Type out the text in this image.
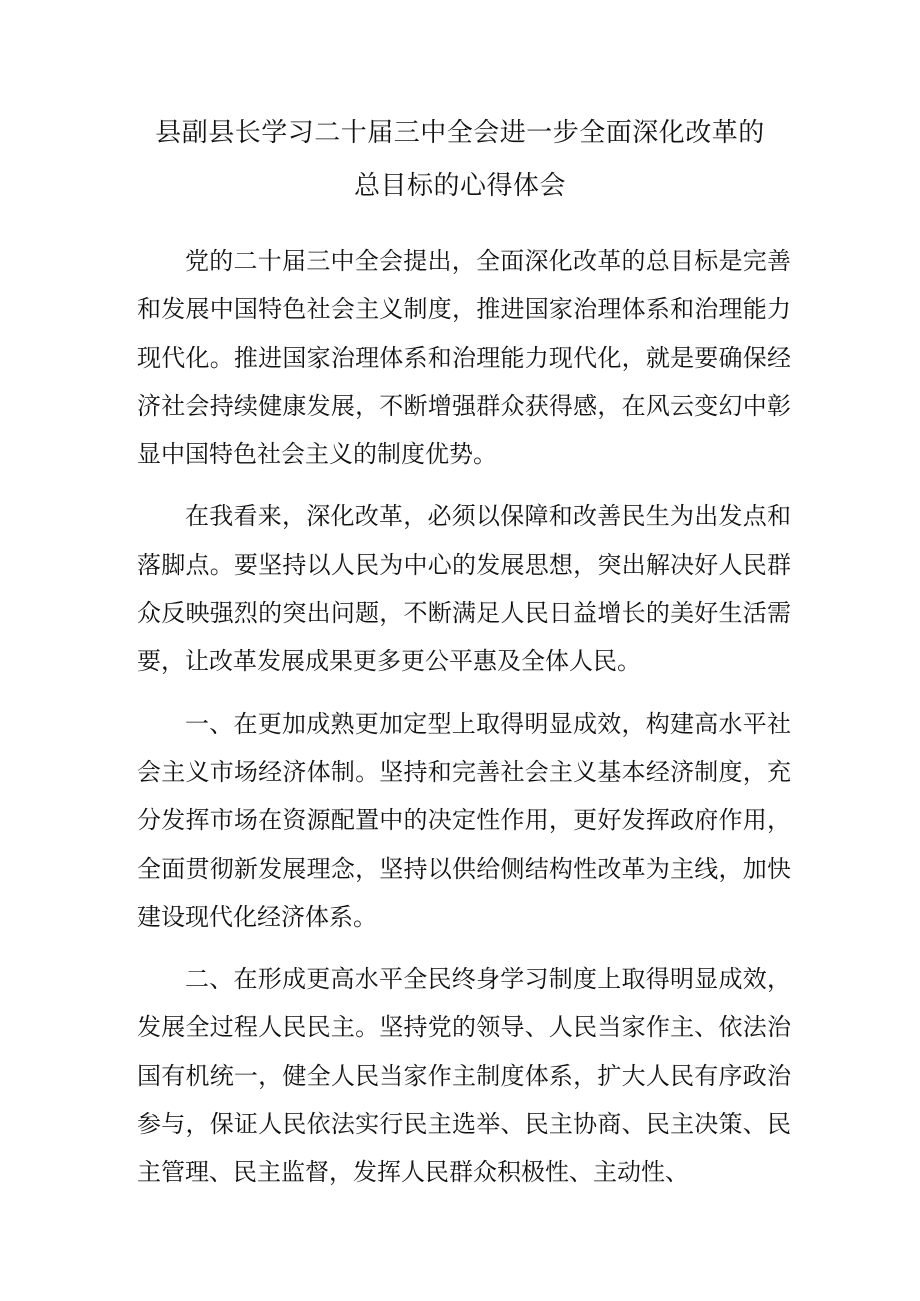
县副县长学习二十届三中全会进一步全面深化改革的
总目标的心得体会

党的二十届三中全会提出，全面深化改革的总目标是完善和发展中国特色社会主义制度，推进国家治理体系和治理能力现代化。推进国家治理体系和治理能力现代化，就是要确保经济社会持续健康发展，不断增强群众获得感，在风云变幻中彰显中国特色社会主义的制度优势。

在我看来，深化改革，必须以保障和改善民生为出发点和落脚点。要坚持以人民为中心的发展思想，突出解决好人民群众反映强烈的突出问题，不断满足人民日益增长的美好生活需要，让改革发展成果更多更公平惠及全体人民。

一、在更加成熟更加定型上取得明显成效，构建高水平社会主义市场经济体制。坚持和完善社会主义基本经济制度，充分发挥市场在资源配置中的决定性作用，更好发挥政府作用，全面贯彻新发展理念，坚持以供给侧结构性改革为主线，加快建设现代化经济体系。

二、在形成更高水平全民终身学习制度上取得明显成效，发展全过程人民民主。坚持党的领导、人民当家作主、依法治国有机统一，健全人民当家作主制度体系，扩大人民有序政治参与，保证人民依法实行民主选举、民主协商、民主决策、民主管理、民主监督，发挥人民群众积极性、主动性、
